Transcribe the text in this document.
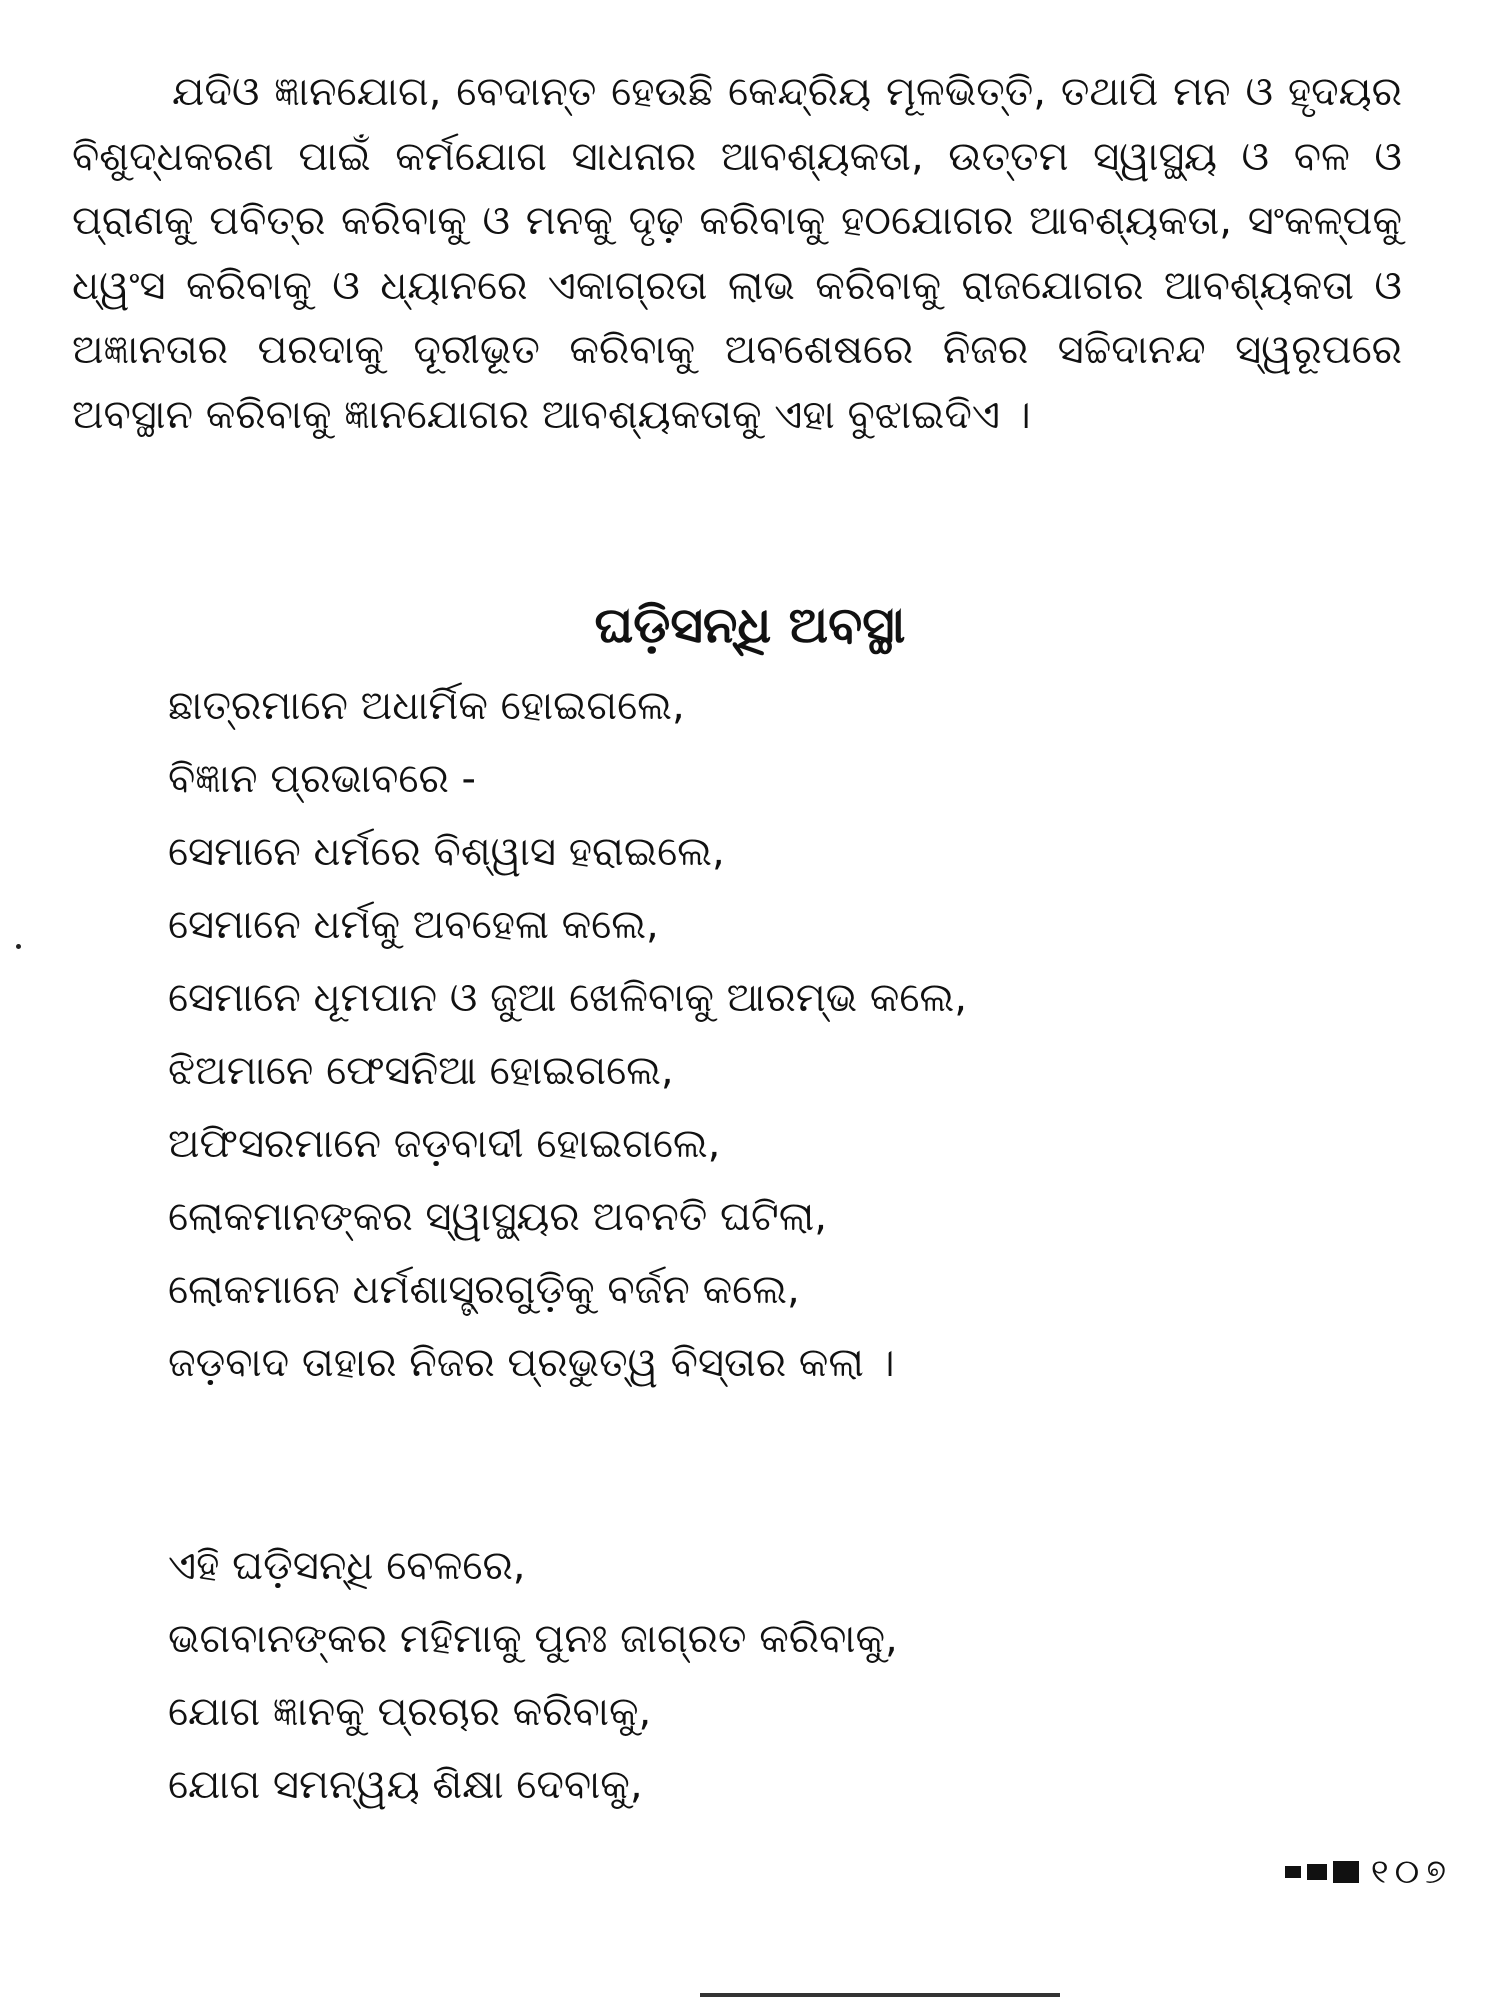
ଯଦିଓ ଜ୍ଞାନଯୋଗ, ବେଦାନ୍ତ ହେଉଛି କେନ୍ଦ୍ରିୟ ମୂଳଭିତ୍ତି, ତଥାପି ମନ ଓ ହୃଦୟର ବିଶୁଦ୍ଧକରଣ ପାଇଁ କର୍ମଯୋଗ ସାଧନାର ଆବଶ୍ୟକତା, ଉତ୍ତମ ସ୍ୱାସ୍ଥ୍ୟ ଓ ବଳ ଓ ପ୍ରାଣକୁ ପବିତ୍ର କରିବାକୁ ଓ ମନକୁ ଦୃଢ଼ କରିବାକୁ ହଠଯୋଗର ଆବଶ୍ୟକତା, ସଂକଳ୍ପକୁ ଧ୍ୱଂସ କରିବାକୁ ଓ ଧ୍ୟାନରେ ଏକାଗ୍ରତା ଲାଭ କରିବାକୁ ରାଜଯୋଗର ଆବଶ୍ୟକତା ଓ ଅଜ୍ଞାନତାର ପରଦାକୁ ଦୂରୀଭୂତ କରିବାକୁ ଅବଶେଷରେ ନିଜର ସଚ୍ଚିଦାନନ୍ଦ ସ୍ୱରୂପରେ ଅବସ୍ଥାନ କରିବାକୁ ଜ୍ଞାନଯୋଗର ଆବଶ୍ୟକତାକୁ ଏହା ବୁଝାଇଦିଏ ।

ଘଡ଼ିସନ୍ଧି ଅବସ୍ଥା
ଛାତ୍ରମାନେ ଅଧାର୍ମିକ ହୋଇଗଲେ,
ବିଜ୍ଞାନ ପ୍ରଭାବରେ -
ସେମାନେ ଧର୍ମରେ ବିଶ୍ୱାସ ହରାଇଲେ,
ସେମାନେ ଧର୍ମକୁ ଅବହେଳା କଲେ,
ସେମାନେ ଧୂମପାନ ଓ ଜୁଆ ଖେଳିବାକୁ ଆରମ୍ଭ କଲେ,
ଝିଅମାନେ ଫେସନିଆ ହୋଇଗଲେ,
ଅଫିସରମାନେ ଜଡ଼ବାଦୀ ହୋଇଗଲେ,
ଲୋକମାନଙ୍କର ସ୍ୱାସ୍ଥ୍ୟର ଅବନତି ଘଟିଲା,
ଲୋକମାନେ ଧର୍ମଶାସ୍ତ୍ରଗୁଡ଼ିକୁ ବର୍ଜନ କଲେ,
ଜଡ଼ବାଦ ତାହାର ନିଜର ପ୍ରଭୁତ୍ୱ ବିସ୍ତାର କଲା ।
ଏହି ଘଡ଼ିସନ୍ଧି ବେଳରେ,
ଭଗବାନଙ୍କର ମହିମାକୁ ପୁନଃ ଜାଗ୍ରତ କରିବାକୁ,
ଯୋଗ ଜ୍ଞାନକୁ ପ୍ରଚାର କରିବାକୁ,
ଯୋଗ ସମନ୍ୱୟ ଶିକ୍ଷା ଦେବାକୁ,
୧୦୭
